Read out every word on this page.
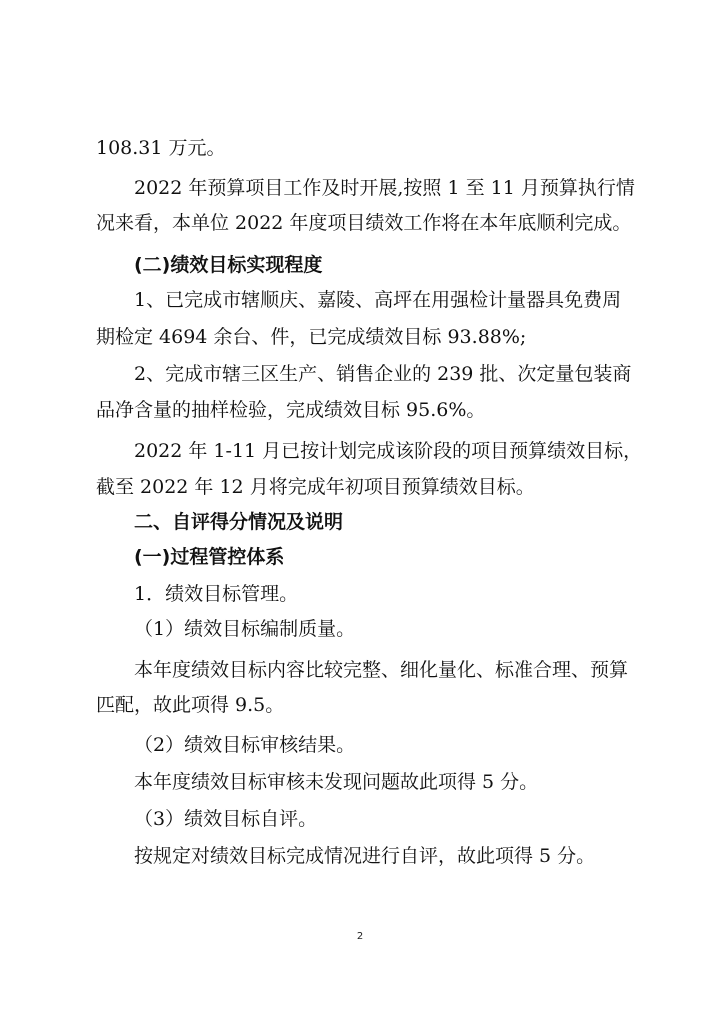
108.31 万元。
2022 年预算项目工作及时开展,按照 1 至 11 月预算执行情
况来看，本单位 2022 年度项目绩效工作将在本年底顺利完成。
(二)绩效目标实现程度
1、已完成市辖顺庆、嘉陵、高坪在用强检计量器具免费周
期检定 4694 余台、件，已完成绩效目标 93.88%;
2、完成市辖三区生产、销售企业的 239 批、次定量包装商
品净含量的抽样检验，完成绩效目标 95.6%。
2022 年 1-11 月已按计划完成该阶段的项目预算绩效目标，
截至 2022 年 12 月将完成年初项目预算绩效目标。
二、自评得分情况及说明
(一)过程管控体系
1．绩效目标管理。
（1）绩效目标编制质量。
本年度绩效目标内容比较完整、细化量化、标准合理、预算
匹配，故此项得 9.5。
（2）绩效目标审核结果。
本年度绩效目标审核未发现问题故此项得 5 分。
（3）绩效目标自评。
按规定对绩效目标完成情况进行自评，故此项得 5 分。
2
